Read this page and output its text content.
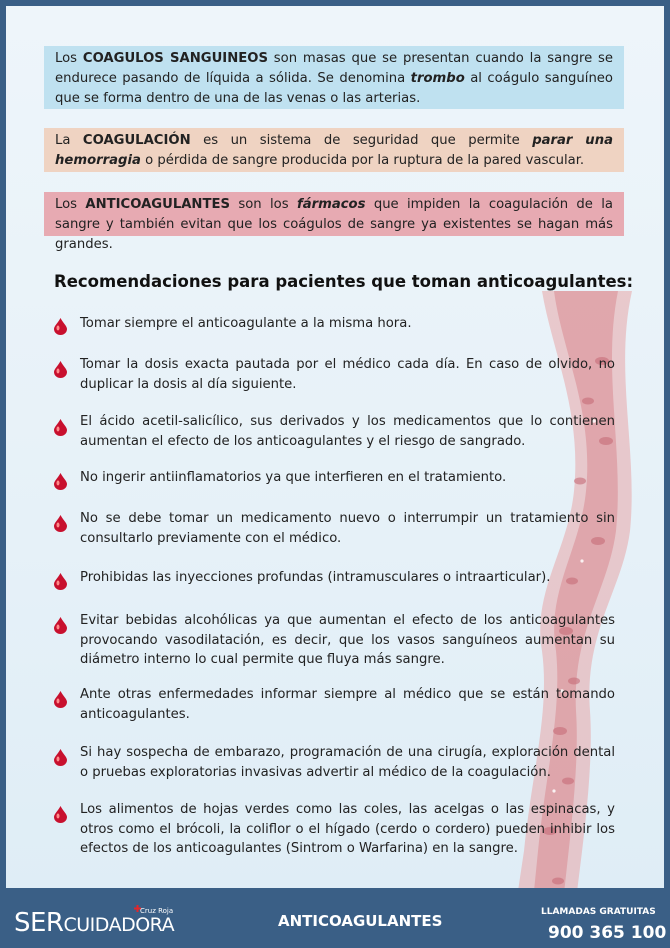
Los COAGULOS SANGUINEOS son masas que se presentan cuando la sangre se endurece pasando de líquida a sólida. Se denomina trombo al coágulo sanguíneo que se forma dentro de una de las venas o las arterias.
La COAGULACIÓN es un sistema de seguridad que permite parar una hemorragia o pérdida de sangre producida por la ruptura de la pared vascular.
Los ANTICOAGULANTES son los fármacos que impiden la coagulación de la sangre y también evitan que los coágulos de sangre ya existentes se hagan más grandes.
Recomendaciones para pacientes que toman anticoagulantes:
Tomar siempre el anticoagulante a la misma hora.
Tomar la dosis exacta pautada por el médico cada día. En caso de olvido, no duplicar la dosis al día siguiente.
El ácido acetil-salicílico, sus derivados y los medicamentos que lo contienen aumentan el efecto de los anticoagulantes y el riesgo de sangrado.
No ingerir antiinflamatorios ya que interfieren en el tratamiento.
No se debe tomar un medicamento nuevo o interrumpir un tratamiento sin consultarlo previamente con el médico.
Prohibidas las inyecciones profundas (intramusculares o intraarticular).
Evitar bebidas alcohólicas ya que aumentan el efecto de los anticoagulantes provocando vasodilatación, es decir, que los vasos sanguíneos aumentan su diámetro interno lo cual permite que fluya más sangre.
Ante otras enfermedades informar siempre al médico que se están tomando anticoagulantes.
Si hay sospecha de embarazo, programación de una cirugía, exploración dental o pruebas exploratorias invasivas advertir al médico de la coagulación.
Los alimentos de hojas verdes como las coles, las acelgas o las espinacas, y otros como el brócoli, la coliflor o el hígado (cerdo o cordero) pueden inhibir los efectos de los anticoagulantes (Sintrom o Warfarina) en la sangre.
SERCUIDADORA
Cruz Roja
ANTICOAGULANTES	LLAMADAS GRATUITAS
900 365 100
